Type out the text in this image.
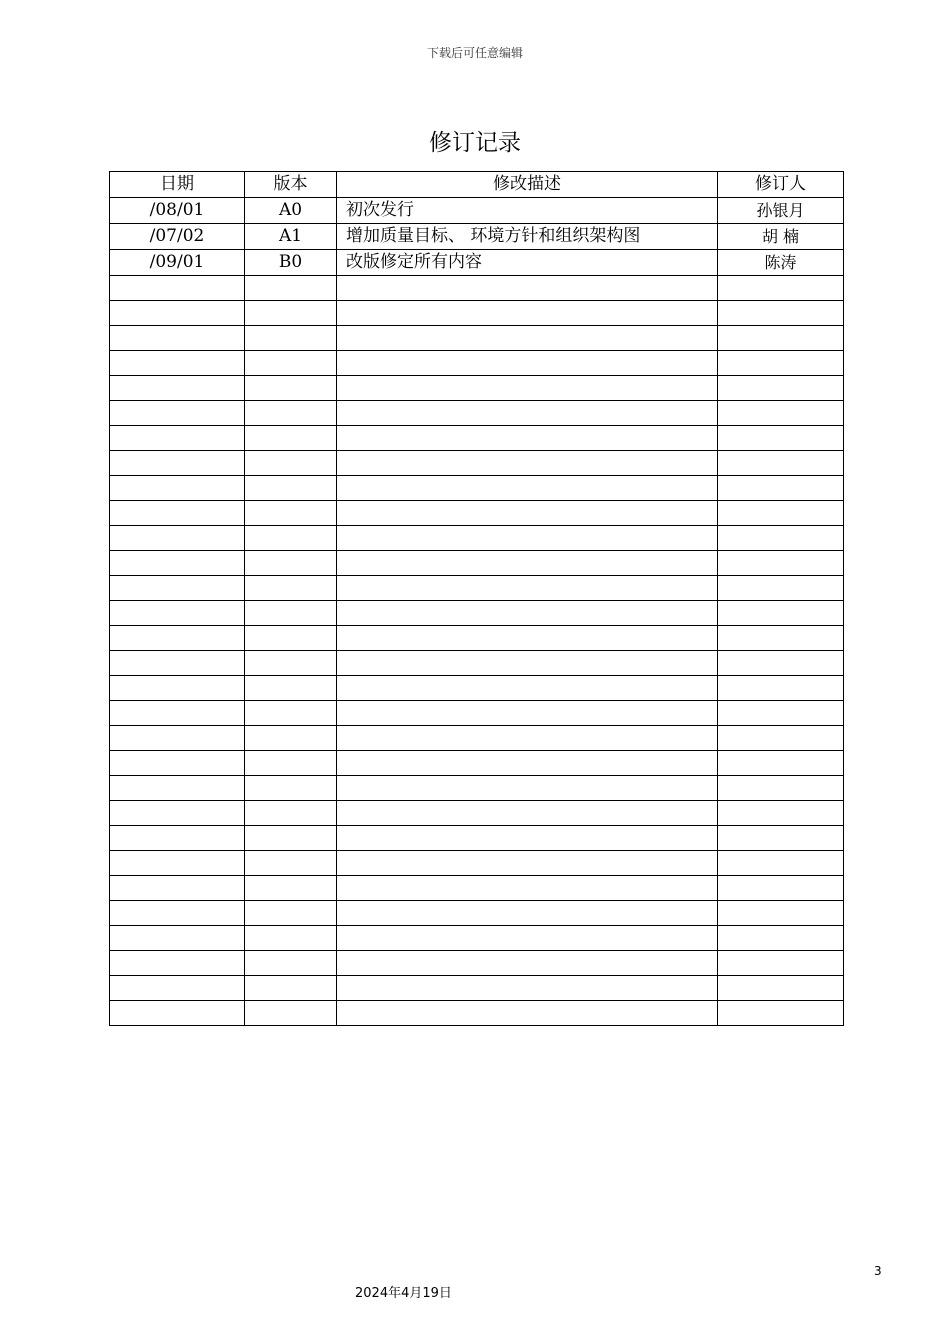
下载后可任意编辑
修订记录
日期	版本	修改描述	修订人
/08/01	A0	初次发行	孙银月
/07/02	A1	增加质量目标、 环境方针和组织架构图	胡 楠
/09/01	B0	改版修定所有内容	陈涛

3
2024年4月19日
